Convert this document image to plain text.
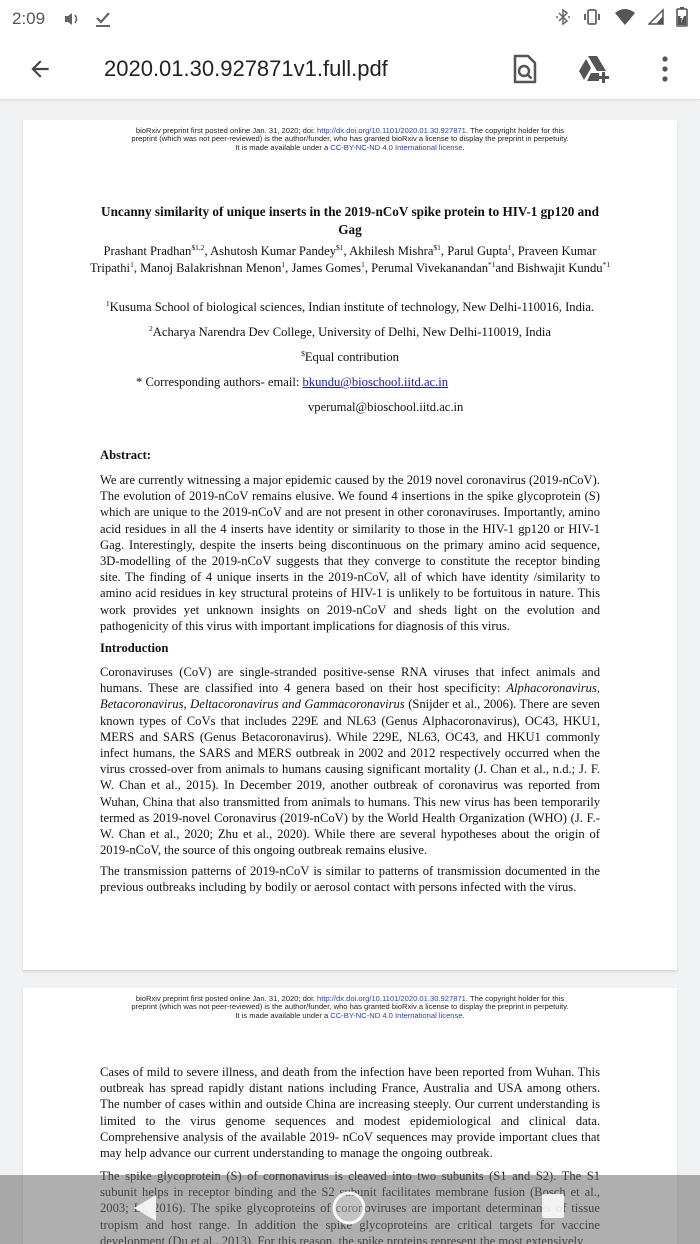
2:09
2020.01.30.927871v1.full.pdf
bioRxiv preprint first posted online Jan. 31, 2020; doi: http://dx.doi.org/10.1101/2020.01.30.927871. The copyright holder for this
preprint (which was not peer-reviewed) is the author/funder, who has granted bioRxiv a license to display the preprint in perpetuity.
It is made available under a CC-BY-NC-ND 4.0 International license.
Uncanny similarity of unique inserts in the 2019-nCoV spike protein to HIV-1 gp120 and Gag
Prashant Pradhan$^{\$1,2}$, Ashutosh Kumar Pandey$^{\$1}$, Akhilesh Mishra$^{\$1}$, Parul Gupta$^1$, Praveen Kumar Tripathi$^1$, Manoj Balakrishnan Menon$^1$, James Gomes$^1$, Perumal Vivekanandan$^{*1}$and Bishwajit Kundu$^{*1}$
$^1$Kusuma School of biological sciences, Indian institute of technology, New Delhi-110016, India.
$^2$Acharya Narendra Dev College, University of Delhi, New Delhi-110019, India
$Equal contribution
* Corresponding authors- email: bkundu@bioschool.iitd.ac.in
vperumal@bioschool.iitd.ac.in
Abstract:

We are currently witnessing a major epidemic caused by the 2019 novel coronavirus (2019-nCoV). The evolution of 2019-nCoV remains elusive. We found 4 insertions in the spike glycoprotein (S) which are unique to the 2019-nCoV and are not present in other coronaviruses. Importantly, amino acid residues in all the 4 inserts have identity or similarity to those in the HIV-1 gp120 or HIV-1 Gag. Interestingly, despite the inserts being discontinuous on the primary amino acid sequence, 3D-modelling of the 2019-nCoV suggests that they converge to constitute the receptor binding site. The finding of 4 unique inserts in the 2019-nCoV, all of which have identity /similarity to amino acid residues in key structural proteins of HIV-1 is unlikely to be fortuitous in nature. This work provides yet unknown insights on 2019-nCoV and sheds light on the evolution and pathogenicity of this virus with important implications for diagnosis of this virus.

Introduction

Coronaviruses (CoV) are single-stranded positive-sense RNA viruses that infect animals and humans. These are classified into 4 genera based on their host specificity: Alphacoronavirus, Betacoronavirus, Deltacoronavirus and Gammacoronavirus (Snijder et al., 2006). There are seven known types of CoVs that includes 229E and NL63 (Genus Alphacoronavirus), OC43, HKU1, MERS and SARS (Genus Betacoronavirus). While 229E, NL63, OC43, and HKU1 commonly infect humans, the SARS and MERS outbreak in 2002 and 2012 respectively occurred when the virus crossed-over from animals to humans causing significant mortality (J. Chan et al., n.d.; J. F. W. Chan et al., 2015). In December 2019, another outbreak of coronavirus was reported from Wuhan, China that also transmitted from animals to humans. This new virus has been temporarily termed as 2019-novel Coronavirus (2019-nCoV) by the World Health Organization (WHO) (J. F.-W. Chan et al., 2020; Zhu et al., 2020). While there are several hypotheses about the origin of 2019-nCoV, the source of this ongoing outbreak remains elusive.

The transmission patterns of 2019-nCoV is similar to patterns of transmission documented in the previous outbreaks including by bodily or aerosol contact with persons infected with the virus.

bioRxiv preprint first posted online Jan. 31, 2020; doi: http://dx.doi.org/10.1101/2020.01.30.927871. The copyright holder for this
preprint (which was not peer-reviewed) is the author/funder, who has granted bioRxiv a license to display the preprint in perpetuity.
It is made available under a CC-BY-NC-ND 4.0 International license.

Cases of mild to severe illness, and death from the infection have been reported from Wuhan. This outbreak has spread rapidly distant nations including France, Australia and USA among others. The number of cases within and outside China are increasing steeply. Our current understanding is limited to the virus genome sequences and modest epidemiological and clinical data. Comprehensive analysis of the available 2019- nCoV sequences may provide important clues that may help advance our current understanding to manage the ongoing outbreak.
